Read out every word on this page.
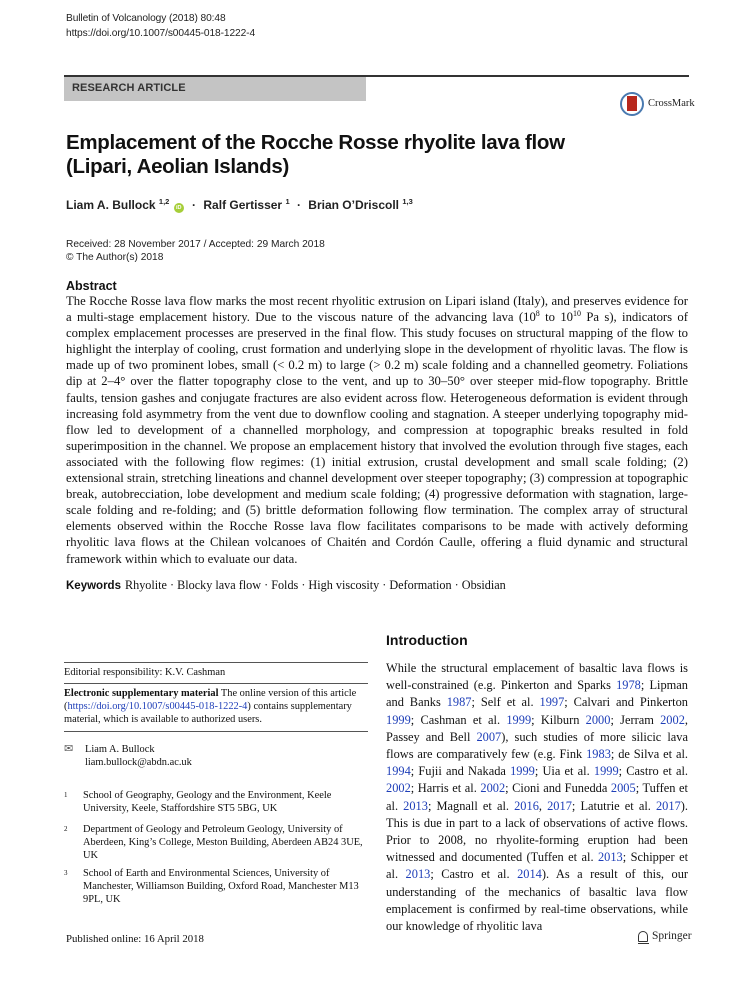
Bulletin of Volcanology (2018) 80:48
https://doi.org/10.1007/s00445-018-1222-4
RESEARCH ARTICLE
CrossMark
Emplacement of the Rocche Rosse rhyolite lava flow (Lipari, Aeolian Islands)
Liam A. Bullock $^{1,2}$ iD · Ralf Gertisser $^1$ · Brian O’Driscoll $^{1,3}$
Received: 28 November 2017 / Accepted: 29 March 2018
© The Author(s) 2018
Abstract
The Rocche Rosse lava flow marks the most recent rhyolitic extrusion on Lipari island (Italy), and preserves evidence for a multi-stage emplacement history. Due to the viscous nature of the advancing lava ($10^8$ to $10^{10}$ Pa s), indicators of complex emplacement processes are preserved in the final flow. This study focuses on structural mapping of the flow to highlight the interplay of cooling, crust formation and underlying slope in the development of rhyolitic lavas. The flow is made up of two prominent lobes, small (< 0.2 m) to large (> 0.2 m) scale folding and a channelled geometry. Foliations dip at 2–4° over the flatter topography close to the vent, and up to 30–50° over steeper mid-flow topography. Brittle faults, tension gashes and conjugate fractures are also evident across flow. Heterogeneous deformation is evident through increasing fold asymmetry from the vent due to downflow cooling and stagnation. A steeper underlying topography mid-flow led to development of a channelled morphology, and compression at topographic breaks resulted in fold superimposition in the channel. We propose an emplacement history that involved the evolution through five stages, each associated with the following flow regimes: (1) initial extrusion, crustal development and small scale folding; (2) extensional strain, stretching lineations and channel development over steeper topography; (3) compression at topographic break, autobrecciation, lobe development and medium scale folding; (4) progressive deformation with stagnation, large-scale folding and re-folding; and (5) brittle deformation following flow termination. The complex array of structural elements observed within the Rocche Rosse lava flow facilitates comparisons to be made with actively deforming rhyolitic lava flows at the Chilean volcanoes of Chaitén and Cordón Caulle, offering a fluid dynamic and structural framework within which to evaluate our data.
Keywords Rhyolite · Blocky lava flow · Folds · High viscosity · Deformation · Obsidian
Editorial responsibility: K.V. Cashman
Electronic supplementary material The online version of this article (https://doi.org/10.1007/s00445-018-1222-4) contains supplementary material, which is available to authorized users.
✉ Liam A. Bullock
liam.bullock@abdn.ac.uk
1 School of Geography, Geology and the Environment, Keele University, Keele, Staffordshire ST5 5BG, UK
2 Department of Geology and Petroleum Geology, University of Aberdeen, King’s College, Meston Building, Aberdeen AB24 3UE, UK
3 School of Earth and Environmental Sciences, University of Manchester, Williamson Building, Oxford Road, Manchester M13 9PL, UK
Introduction
While the structural emplacement of basaltic lava flows is well-constrained (e.g. Pinkerton and Sparks 1978; Lipman and Banks 1987; Self et al. 1997; Calvari and Pinkerton 1999; Cashman et al. 1999; Kilburn 2000; Jerram 2002, Passey and Bell 2007), such studies of more silicic lava flows are comparatively few (e.g. Fink 1983; de Silva et al. 1994; Fujii and Nakada 1999; Uia et al. 1999; Castro et al. 2002; Harris et al. 2002; Cioni and Funedda 2005; Tuffen et al. 2013; Magnall et al. 2016, 2017; Latutrie et al. 2017). This is due in part to a lack of observations of active flows. Prior to 2008, no rhyolite-forming eruption had been witnessed and documented (Tuffen et al. 2013; Schipper et al. 2013; Castro et al. 2014). As a result of this, our understanding of the mechanics of basaltic lava flow emplacement is confirmed by real-time observations, while our knowledge of rhyolitic lava
Published online: 16 April 2018	Springer
